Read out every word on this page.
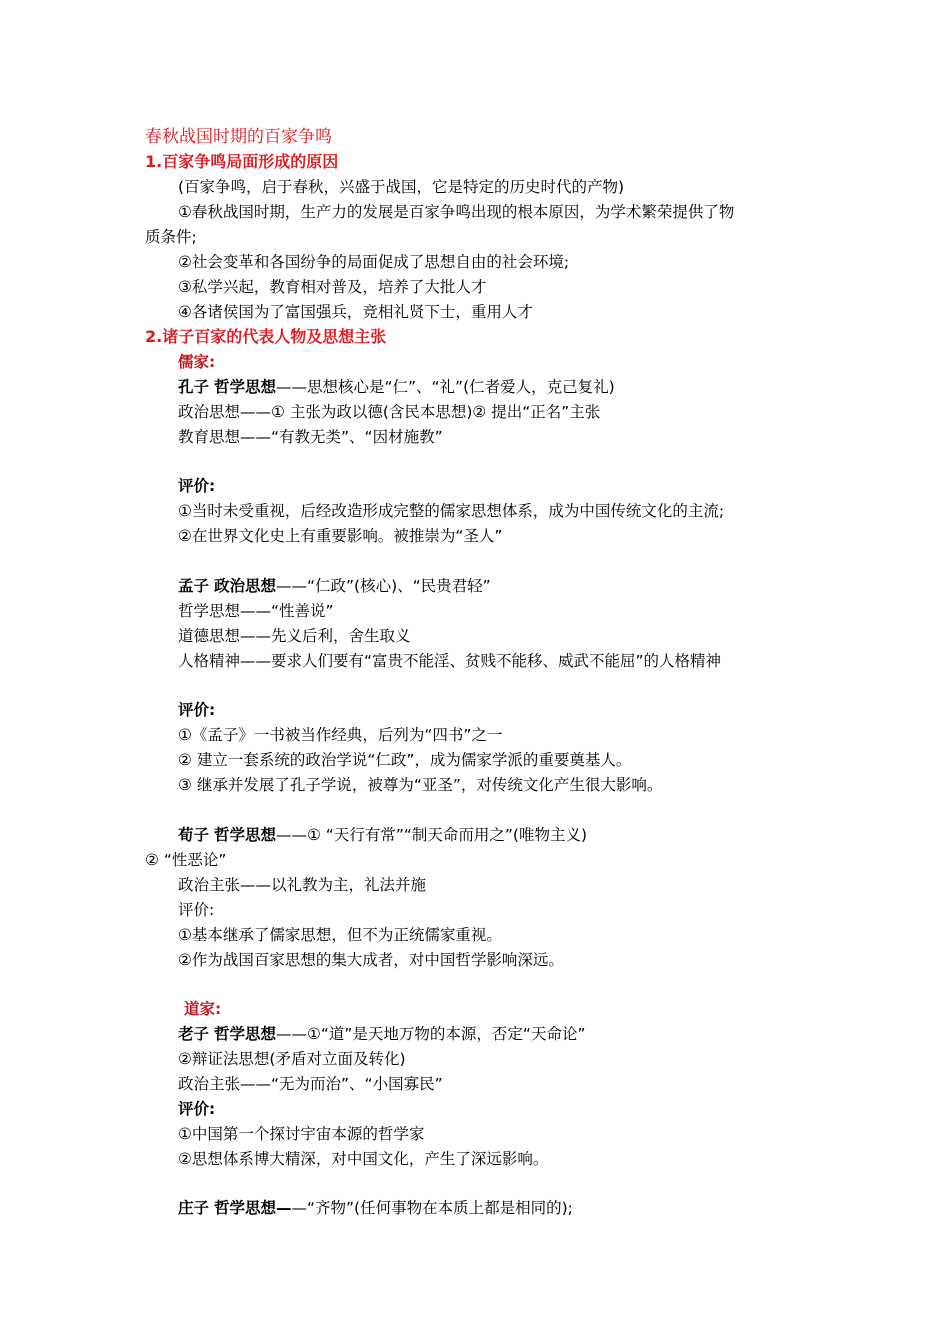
春秋战国时期的百家争鸣
1.百家争鸣局面形成的原因
(百家争鸣，启于春秋，兴盛于战国，它是特定的历史时代的产物)
①春秋战国时期，生产力的发展是百家争鸣出现的根本原因，为学术繁荣提供了物
质条件;
②社会变革和各国纷争的局面促成了思想自由的社会环境;
③私学兴起，教育相对普及，培养了大批人才
④各诸侯国为了富国强兵，竞相礼贤下士，重用人才
2.诸子百家的代表人物及思想主张
儒家:
孔子 哲学思想——思想核心是“仁”、“礼”(仁者爱人，克己复礼)
政治思想——① 主张为政以德(含民本思想)② 提出“正名”主张
教育思想——“有教无类”、“因材施教”
评价:
①当时未受重视，后经改造形成完整的儒家思想体系，成为中国传统文化的主流;
②在世界文化史上有重要影响。被推崇为“圣人”
孟子 政治思想——“仁政”(核心)、“民贵君轻”
哲学思想——“性善说”
道德思想——先义后利，舍生取义
人格精神——要求人们要有“富贵不能淫、贫贱不能移、威武不能屈”的人格精神
评价:
①《孟子》一书被当作经典，后列为“四书”之一
② 建立一套系统的政治学说“仁政”，成为儒家学派的重要奠基人。
③ 继承并发展了孔子学说，被尊为“亚圣”，对传统文化产生很大影响。
荀子 哲学思想——① “天行有常”“制天命而用之”(唯物主义)
② “性恶论”
政治主张——以礼教为主，礼法并施
评价:
①基本继承了儒家思想，但不为正统儒家重视。
②作为战国百家思想的集大成者，对中国哲学影响深远。
道家:
老子 哲学思想——①“道”是天地万物的本源，否定“天命论”
②辩证法思想(矛盾对立面及转化)
政治主张——“无为而治”、“小国寡民”
评价:
①中国第一个探讨宇宙本源的哲学家
②思想体系博大精深，对中国文化，产生了深远影响。
庄子 哲学思想——“齐物”(任何事物在本质上都是相同的);
